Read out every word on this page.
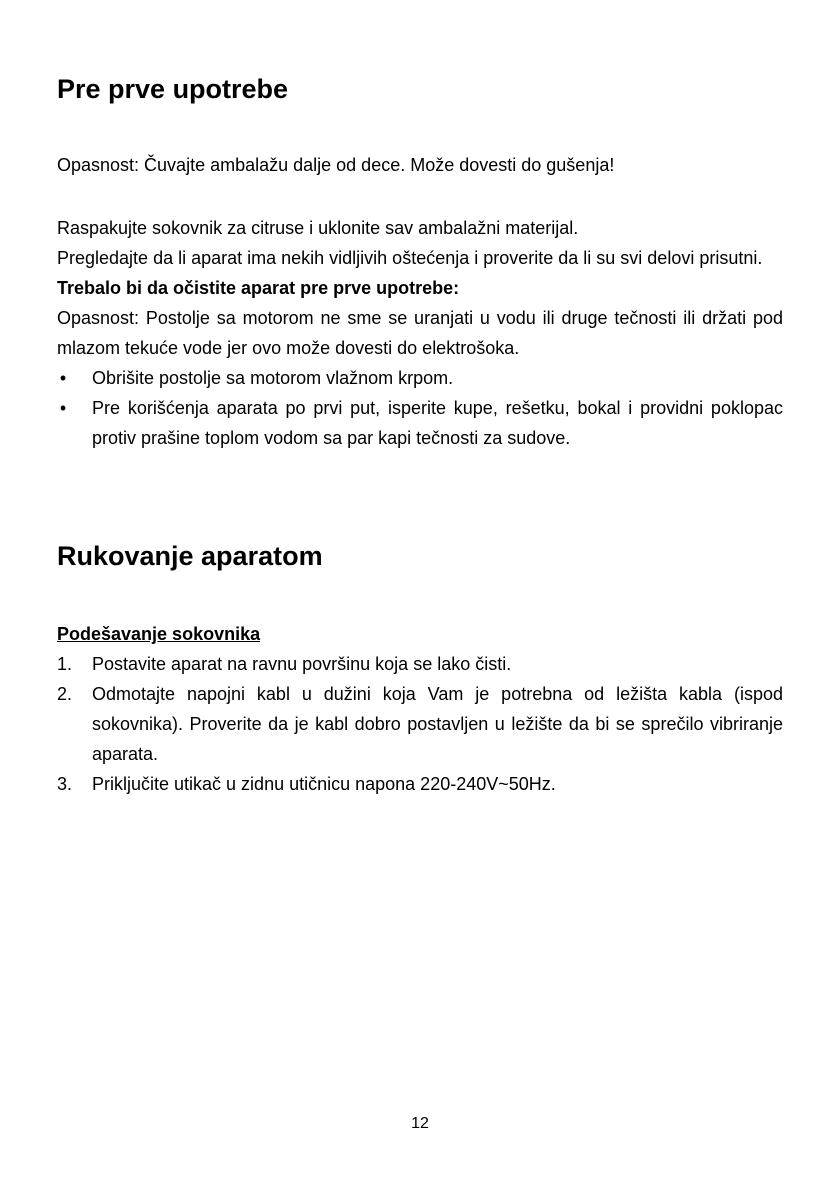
Pre prve upotrebe

Opasnost: Čuvajte ambalažu dalje od dece. Može dovesti do gušenja!

Raspakujte sokovnik za citruse i uklonite sav ambalažni materijal.

Pregledajte da li aparat ima nekih vidljivih oštećenja i proverite da li su svi delovi prisutni.

Trebalo bi da očistite aparat pre prve upotrebe:

Opasnost: Postolje sa motorom ne sme se uranjati u vodu ili druge tečnosti ili držati pod mlazom tekuće vode jer ovo može dovesti do elektrošoka.

• Obrišite postolje sa motorom vlažnom krpom.
• Pre korišćenja aparata po prvi put, isperite kupe, rešetku, bokal i providni poklopac protiv prašine toplom vodom sa par kapi tečnosti za sudove.
Rukovanje aparatom
Podešavanje sokovnika
1. Postavite aparat na ravnu površinu koja se lako čisti.
2. Odmotajte napojni kabl u dužini koja Vam je potrebna od ležišta kabla (ispod sokovnika). Proverite da je kabl dobro postavljen u ležište da bi se sprečilo vibriranje aparata.
3. Priključite utikač u zidnu utičnicu napona 220-240V~50Hz.
12
